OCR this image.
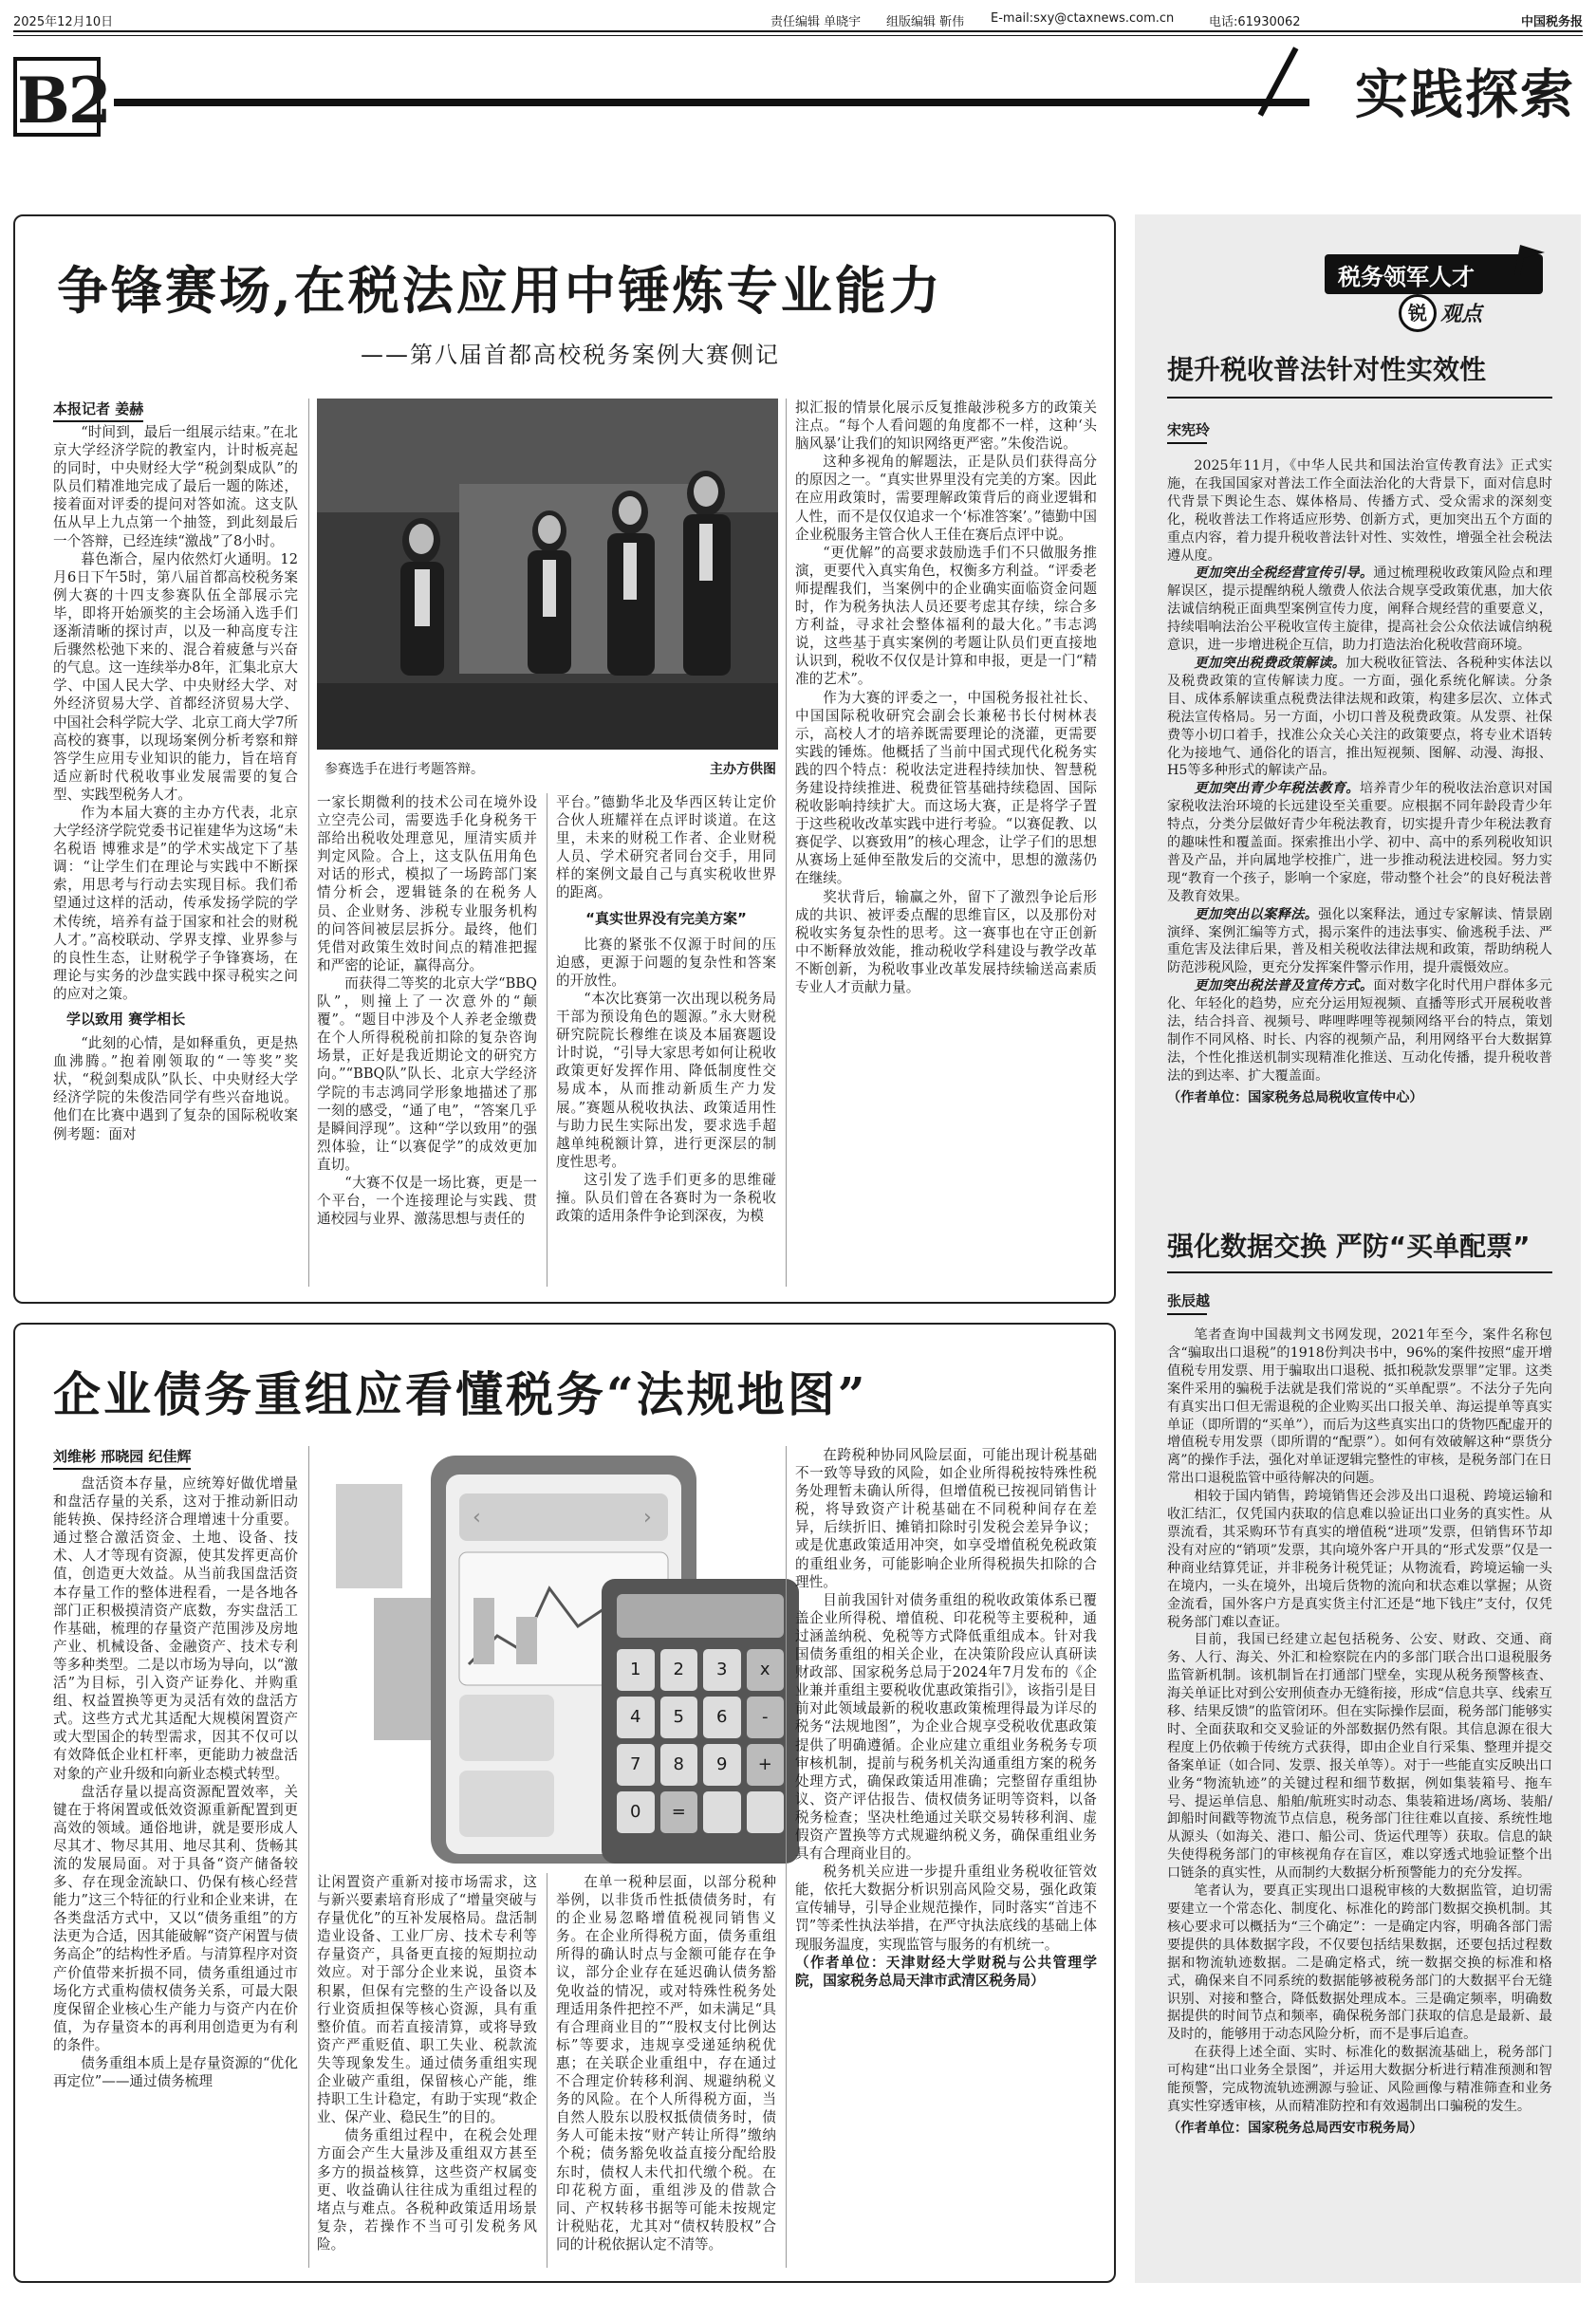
2025年12月10日	责任编辑 单晓宇 组版编辑 靳伟 E-mail:sxy@ctaxnews.com.cn	电话:61930062	中国税务报
B2	实践探索
争锋赛场,在税法应用中锤炼专业能力
——第八届首都高校税务案例大赛侧记
本报记者 姜赫

“时间到，最后一组展示结束。”在北京大学经济学院的教室内，计时板亮起的同时，中央财经大学“税剑梨成队”的队员们精准地完成了最后一题的陈述，接着面对评委的提问对答如流。这支队伍从早上九点第一个抽签，到此刻最后一个答辩，已经连续“激战”了8小时。

暮色渐合，屋内依然灯火通明。12月6日下午5时，第八届首都高校税务案例大赛的十四支参赛队伍全部展示完毕，即将开始颁奖的主会场涌入选手们逐渐清晰的探讨声，以及一种高度专注后骤然松弛下来的、混合着疲惫与兴奋的气息。这一连续举办8年，汇集北京大学、中国人民大学、中央财经大学、对外经济贸易大学、首都经济贸易大学、中国社会科学院大学、北京工商大学7所高校的赛事，以现场案例分析考察和辩答学生应用专业知识的能力，旨在培育适应新时代税收事业发展需要的复合型、实践型税务人才。

作为本届大赛的主办方代表，北京大学经济学院党委书记崔建华为这场“未名税语 博雅求是”的学术实战定下了基调：“让学生们在理论与实践中不断探索，用思考与行动去实现目标。我们希望通过这样的活动，传承发扬学院的学术传统，培养有益于国家和社会的财税人才。”高校联动、学界支撑、业界参与的良性生态，让财税学子争锋赛场，在理论与实务的沙盘实践中探寻税实之问的应对之策。

学以致用 赛学相长

“此刻的心情，是如释重负，更是热血沸腾。”抱着刚领取的“一等奖”奖状，“税剑梨成队”队长、中央财经大学经济学院的朱俊浩同学有些兴奋地说。他们在比赛中遇到了复杂的国际税收案例考题：面对

参赛选手在进行考题答辩。	主办方供图

一家长期微利的技术公司在境外设立空壳公司，需要选手化身税务干部给出税收处理意见，厘清实质并判定风险。合上，这支队伍用角色对话的形式，模拟了一场跨部门案情分析会，逻辑链条的在税务人员、企业财务、涉税专业服务机构的问答间被层层拆分。最终，他们凭借对政策生效时间点的精准把握和严密的论证，赢得高分。

而获得二等奖的北京大学“BBQ队”，则撞上了一次意外的“颠覆”。“题目中涉及个人养老金缴费在个人所得税税前扣除的复杂咨询场景，正好是我近期论文的研究方向。”“BBQ队”队长、北京大学经济学院的韦志鸿同学形象地描述了那一刻的感受，“通了电”，“答案几乎是瞬间浮现”。这种“学以致用”的强烈体验，让“以赛促学”的成效更加直切。

“大赛不仅是一场比赛，更是一个平台，一个连接理论与实践、贯通校园与业界、激荡思想与责任的

平台。”德勤华北及华西区转让定价合伙人班耀祥在点评时谈道。在这里，未来的财税工作者、企业财税人员、学术研究者同台交手，用同样的案例文最自己与真实税收世界的距离。

“真实世界没有完美方案”

比赛的紧张不仅源于时间的压迫感，更源于问题的复杂性和答案的开放性。

“本次比赛第一次出现以税务局干部为预设角色的题源。”永大财税研究院院长穆维在谈及本届赛题设计时说，“引导大家思考如何让税收政策更好发挥作用、降低制度性交易成本，从而推动新质生产力发展。”赛题从税收执法、政策适用性与助力民生实际出发，要求选手超越单纯税额计算，进行更深层的制度性思考。

这引发了选手们更多的思维碰撞。队员们曾在各赛时为一条税收政策的适用条件争论到深夜，为模

拟汇报的情景化展示反复推敲涉税多方的政策关注点。“每个人看问题的角度都不一样，这种‘头脑风暴’让我们的知识网络更严密。”朱俊浩说。

这种多视角的解题法，正是队员们获得高分的原因之一。“真实世界里没有完美的方案。因此在应用政策时，需要理解政策背后的商业逻辑和人性，而不是仅仅追求一个‘标准答案’。”德勤中国企业税服务主管合伙人王佳在赛后点评中说。

“更优解”的高要求鼓励选手们不只做服务推演，更要代入真实角色，权衡多方利益。“评委老师提醒我们，当案例中的企业确实面临资金问题时，作为税务执法人员还要考虑其存续，综合多方利益，寻求社会整体福利的最大化。”韦志鸿说，这些基于真实案例的考题让队员们更直接地认识到，税收不仅仅是计算和申报，更是一门“精准的艺术”。

作为大赛的评委之一，中国税务报社社长、中国国际税收研究会副会长兼秘书长付树林表示，高校人才的培养既需要理论的浇灌，更需要实践的锤炼。他概括了当前中国式现代化税务实践的四个特点：税收法定进程持续加快、智慧税务建设持续推进、税费征管基础持续稳固、国际税收影响持续扩大。而这场大赛，正是将学子置于这些税收改革实践中进行考验。“以赛促教、以赛促学、以赛致用”的核心理念，让学子们的思想从赛场上延伸至散发后的交流中，思想的激荡仍在继续。

奖状背后，输赢之外，留下了激烈争论后形成的共识、被评委点醒的思维盲区，以及那份对税收实务复杂性的思考。这一赛事也在守正创新中不断释放效能，推动税收学科建设与教学改革不断创新，为税收事业改革发展持续输送高素质专业人才贡献力量。

企业债务重组应看懂税务“法规地图”
刘维彬 邢晓园 纪佳辉

盘活资本存量，应统筹好做优增量和盘活存量的关系，这对于推动新旧动能转换、保持经济合理增速十分重要。通过整合激活资金、土地、设备、技术、人才等现有资源，使其发挥更高价值，创造更大效益。从当前我国盘活资本存量工作的整体进程看，一是各地各部门正积极摸清资产底数，夯实盘活工作基础，梳理的存量资产范围涉及房地产业、机械设备、金融资产、技术专利等多种类型。二是以市场为导向，以“激活”为目标，引入资产证券化、并购重组、权益置换等更为灵活有效的盘活方式。这些方式尤其适配大规模闲置资产或大型国企的转型需求，因其不仅可以有效降低企业杠杆率，更能助力被盘活对象的产业升级和向新业态模式转型。

盘活存量以提高资源配置效率，关键在于将闲置或低效资源重新配置到更高效的领域。通俗地讲，就是要形成人尽其才、物尽其用、地尽其利、货畅其流的发展局面。对于具备“资产储备较多、存在现金流缺口、仍保有核心经营能力”这三个特征的行业和企业来讲，在各类盘活方式中，又以“债务重组”的方法更为合适，因其能破解“资产闲置与债务高企”的结构性矛盾。与清算程序对资产价值带来折损不同，债务重组通过市场化方式重构债权债务关系，可最大限度保留企业核心生产能力与资产内在价值，为存量资本的再利用创造更为有利的条件。

债务重组本质上是存量资源的“优化再定位”——通过债务梳理

‹	›
1	2	3	x
4	5	6	-
7	8	9	+
0	=

让闲置资产重新对接市场需求，这与新兴要素培育形成了“增量突破与存量优化”的互补发展格局。盘活制造业设备、工业厂房、技术专利等存量资产，具备更直接的短期拉动效应。对于部分企业来说，虽资本积累，但保有完整的生产设备以及行业资质担保等核心资源，具有重整价值。而若直接清算，或将导致资产严重贬值、职工失业、税款流失等现象发生。通过债务重组实现企业破产重组，保留核心产能，维持职工生计稳定，有助于实现“救企业、保产业、稳民生”的目的。

债务重组过程中，在税会处理方面会产生大量涉及重组双方甚至多方的损益核算，这些资产权属变更、收益确认往往成为重组过程的堵点与难点。各税种政策适用场景复杂，若操作不当可引发税务风险。

在单一税种层面，以部分税种举例，以非货币性抵债债务时，有的企业易忽略增值税视同销售义务。在企业所得税方面，债务重组所得的确认时点与金额可能存在争议，部分企业存在延迟确认债务豁免收益的情况，或对特殊性税务处理适用条件把控不严，如未满足“具有合理商业目的”“股权支付比例达标”等要求，违规享受递延纳税优惠；在关联企业重组中，存在通过不合理定价转移利润、规避纳税义务的风险。在个人所得税方面，当自然人股东以股权抵债债务时，债务人可能未按“财产转让所得”缴纳个税；债务豁免收益直接分配给股东时，债权人未代扣代缴个税。在印花税方面，重组涉及的借款合同、产权转移书据等可能未按规定计税贴花，尤其对“债权转股权”合同的计税依据认定不清等。

在跨税种协同风险层面，可能出现计税基础不一致等导致的风险，如企业所得税按特殊性税务处理暂未确认所得，但增值税已按视同销售计税，将导致资产计税基础在不同税种间存在差异，后续折旧、摊销扣除时引发税会差异争议；或是优惠政策适用冲突，如享受增值税免税政策的重组业务，可能影响企业所得税损失扣除的合理性。

目前我国针对债务重组的税收政策体系已覆盖企业所得税、增值税、印花税等主要税种，通过涵盖纳税、免税等方式降低重组成本。针对我国债务重组的相关企业，在决策阶段应认真研读财政部、国家税务总局于2024年7月发布的《企业兼并重组主要税收优惠政策指引》，该指引是目前对此领域最新的税收惠政策梳理得最为详尽的税务“法规地图”，为企业合规享受税收优惠政策提供了明确遵循。企业应建立重组业务税务专项审核机制，提前与税务机关沟通重组方案的税务处理方式，确保政策适用准确；完整留存重组协议、资产评估报告、债权债务证明等资料，以备税务检查；坚决杜绝通过关联交易转移利润、虚假资产置换等方式规避纳税义务，确保重组业务具有合理商业目的。

税务机关应进一步提升重组业务税收征管效能，依托大数据分析识别高风险交易，强化政策宣传辅导，引导企业规范操作，同时落实“首违不罚”等柔性执法举措，在严守执法底线的基础上体现服务温度，实现监管与服务的有机统一。

（作者单位：天津财经大学财税与公共管理学院，国家税务总局天津市武清区税务局）

税务领军人才
锐 观点
提升税收普法针对性实效性
宋宪玲

2025年11月，《中华人民共和国法治宣传教育法》正式实施，在我国国家对普法工作全面法治化的大背景下，面对信息时代背景下舆论生态、媒体格局、传播方式、受众需求的深刻变化，税收普法工作将适应形势、创新方式，更加突出五个方面的重点内容，着力提升税收普法针对性、实效性，增强全社会税法遵从度。

更加突出全税经营宣传引导。通过梳理税收政策风险点和理解误区，提示提醒纳税人缴费人依法合规享受政策优惠，加大依法诚信纳税正面典型案例宣传力度，阐释合规经营的重要意义，持续唱响法治公平税收宣传主旋律，提高社会公众依法诚信纳税意识，进一步增进税企互信，助力打造法治化税收营商环境。

更加突出税费政策解读。加大税收征管法、各税种实体法以及税费政策的宣传解读力度。一方面，强化系统化解读。分条目、成体系解读重点税费法律法规和政策，构建多层次、立体式税法宣传格局。另一方面，小切口普及税费政策。从发票、社保费等小切口着手，找准公众关心关注的政策要点，将专业术语转化为接地气、通俗化的语言，推出短视频、图解、动漫、海报、H5等多种形式的解读产品。

更加突出青少年税法教育。培养青少年的税收法治意识对国家税收法治环境的长远建设至关重要。应根据不同年龄段青少年特点，分类分层做好青少年税法教育，切实提升青少年税法教育的趣味性和覆盖面。探索推出小学、初中、高中的系列税收知识普及产品，并向属地学校推广，进一步推动税法进校园。努力实现“教育一个孩子，影响一个家庭，带动整个社会”的良好税法普及教育效果。

更加突出以案释法。强化以案释法，通过专家解读、情景剧演绎、案例汇编等方式，揭示案件的违法事实、偷逃税手法、严重危害及法律后果，普及相关税收法律法规和政策，帮助纳税人防范涉税风险，更充分发挥案件警示作用，提升震慑效应。

更加突出税法普及宣传方式。面对数字化时代用户群体多元化、年轻化的趋势，应充分运用短视频、直播等形式开展税收普法，结合抖音、视频号、哔哩哔哩等视频网络平台的特点，策划制作不同风格、时长、内容的视频产品，利用网络平台大数据算法，个性化推送机制实现精准化推送、互动化传播，提升税收普法的到达率、扩大覆盖面。

（作者单位：国家税务总局税收宣传中心）

强化数据交换 严防“买单配票”
张辰越

笔者查询中国裁判文书网发现，2021年至今，案件名称包含“骗取出口退税”的1918份判决书中，96%的案件按照“虚开增值税专用发票、用于骗取出口退税、抵扣税款发票罪”定罪。这类案件采用的骗税手法就是我们常说的“买单配票”。不法分子先向有真实出口但无需退税的企业购买出口报关单、海运提单等真实单证（即所谓的“买单”），而后为这些真实出口的货物匹配虚开的增值税专用发票（即所谓的“配票”）。如何有效破解这种“票货分离”的操作手法，强化对单证逻辑完整性的审核，是税务部门在日常出口退税监管中亟待解决的问题。

相较于国内销售，跨境销售还会涉及出口退税、跨境运输和收汇结汇，仅凭国内获取的信息难以验证出口业务的真实性。从票流看，其采购环节有真实的增值税“进项”发票，但销售环节却没有对应的“销项”发票，其向境外客户开具的“形式发票”仅是一种商业结算凭证，并非税务计税凭证；从物流看，跨境运输一头在境内，一头在境外，出境后货物的流向和状态难以掌握；从资金流看，国外客户方是真实货主付汇还是“地下钱庄”支付，仅凭税务部门难以查证。

目前，我国已经建立起包括税务、公安、财政、交通、商务、人行、海关、外汇和检察院在内的多部门联合出口退税服务监管新机制。该机制旨在打通部门壁垒，实现从税务预警核查、海关单证比对到公安刑侦查办无缝衔接，形成“信息共享、线索互移、结果反馈”的监管闭环。但在实际操作层面，税务部门能够实时、全面获取和交叉验证的外部数据仍然有限。其信息源在很大程度上仍依赖于传统方式获得，即由企业自行采集、整理并提交备案单证（如合同、发票、报关单等）。对于一些能直实反映出口业务“物流轨迹”的关键过程和细节数据，例如集装箱号、拖车号、提运单信息、船舶/航班实时动态、集装箱进场/离场、装船/卸船时间戳等物流节点信息，税务部门往往难以直接、系统性地从源头（如海关、港口、船公司、货运代理等）获取。信息的缺失使得税务部门的审核视角存在盲区，难以穿透式地验证整个出口链条的真实性，从而制约大数据分析预警能力的充分发挥。

笔者认为，要真正实现出口退税审核的大数据监管，迫切需要建立一个常态化、制度化、标准化的跨部门数据交换机制。其核心要求可以概括为“三个确定”：一是确定内容，明确各部门需要提供的具体数据字段，不仅要包括结果数据，还要包括过程数据和物流轨迹数据。二是确定格式，统一数据交换的标准和格式，确保来自不同系统的数据能够被税务部门的大数据平台无缝识别、对接和整合，降低数据处理成本。三是确定频率，明确数据提供的时间节点和频率，确保税务部门获取的信息是最新、最及时的，能够用于动态风险分析，而不是事后追查。

在获得上述全面、实时、标准化的数据流基础上，税务部门可构建“出口业务全景图”，并运用大数据分析进行精准预测和智能预警，完成物流轨迹溯源与验证、风险画像与精准筛查和业务真实性穿透审核，从而精准防控和有效遏制出口骗税的发生。

（作者单位：国家税务总局西安市税务局）
